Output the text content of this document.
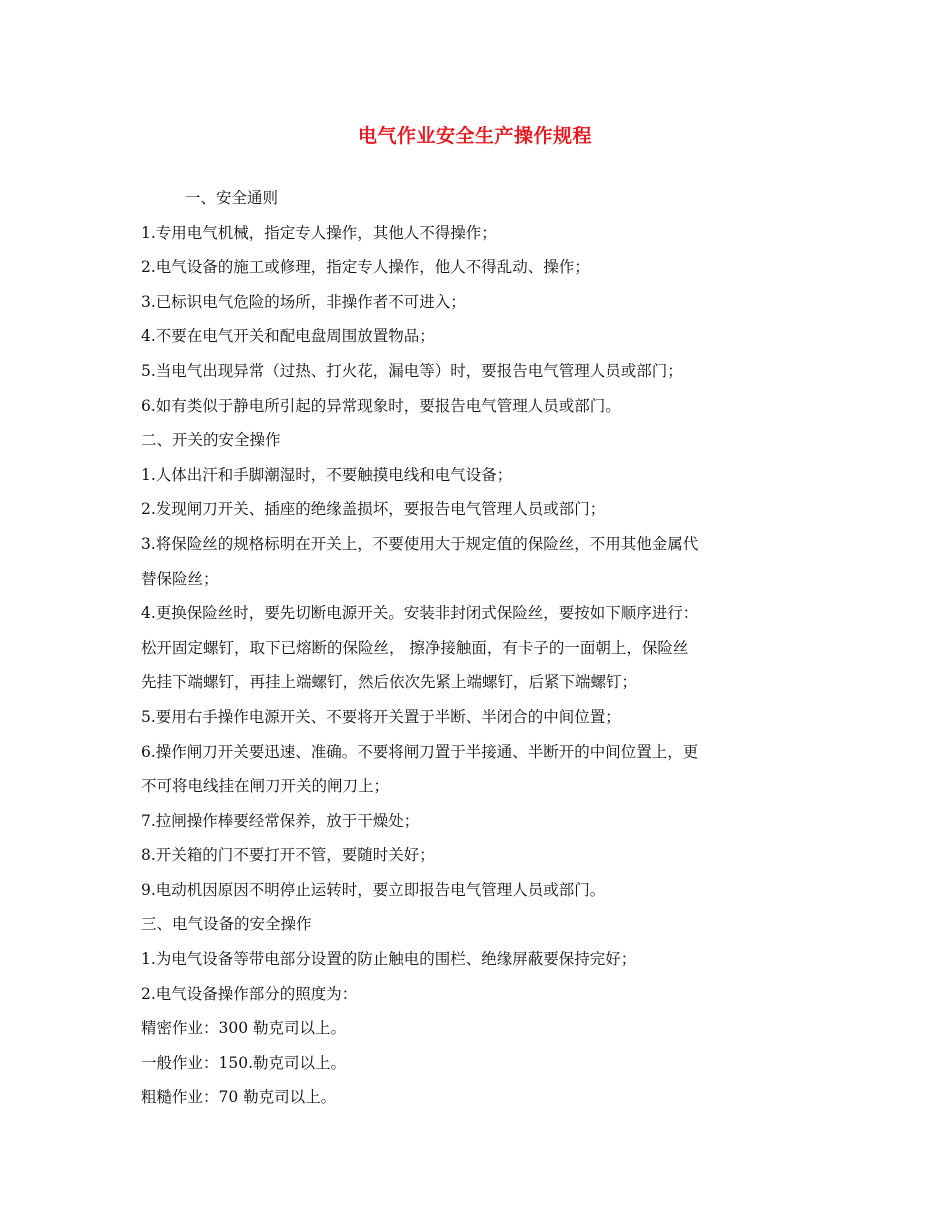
电气作业安全生产操作规程
一、安全通则
1.专用电气机械，指定专人操作，其他人不得操作；
2.电气设备的施工或修理，指定专人操作，他人不得乱动、操作；
3.已标识电气危险的场所，非操作者不可进入；
4.不要在电气开关和配电盘周围放置物品；
5.当电气出现异常（过热、打火花，漏电等）时，要报告电气管理人员或部门；
6.如有类似于静电所引起的异常现象时，要报告电气管理人员或部门。
二、开关的安全操作
1.人体出汗和手脚潮湿时，不要触摸电线和电气设备；
2.发现闸刀开关、插座的绝缘盖损坏，要报告电气管理人员或部门；
3.将保险丝的规格标明在开关上，不要使用大于规定值的保险丝，不用其他金属代
替保险丝；
4.更换保险丝时，要先切断电源开关。安装非封闭式保险丝，要按如下顺序进行：
松开固定螺钉，取下已熔断的保险丝， 擦净接触面，有卡子的一面朝上，保险丝
先挂下端螺钉，再挂上端螺钉，然后依次先紧上端螺钉，后紧下端螺钉；
5.要用右手操作电源开关、不要将开关置于半断、半闭合的中间位置；
6.操作闸刀开关要迅速、准确。不要将闸刀置于半接通、半断开的中间位置上，更
不可将电线挂在闸刀开关的闸刀上；
7.拉闸操作棒要经常保养，放于干燥处；
8.开关箱的门不要打开不管，要随时关好；
9.电动机因原因不明停止运转时，要立即报告电气管理人员或部门。
三、电气设备的安全操作
1.为电气设备等带电部分设置的防止触电的围栏、绝缘屏蔽要保持完好；
2.电气设备操作部分的照度为：
精密作业：300 勒克司以上。
一般作业：150.勒克司以上。
粗糙作业：70 勒克司以上。
